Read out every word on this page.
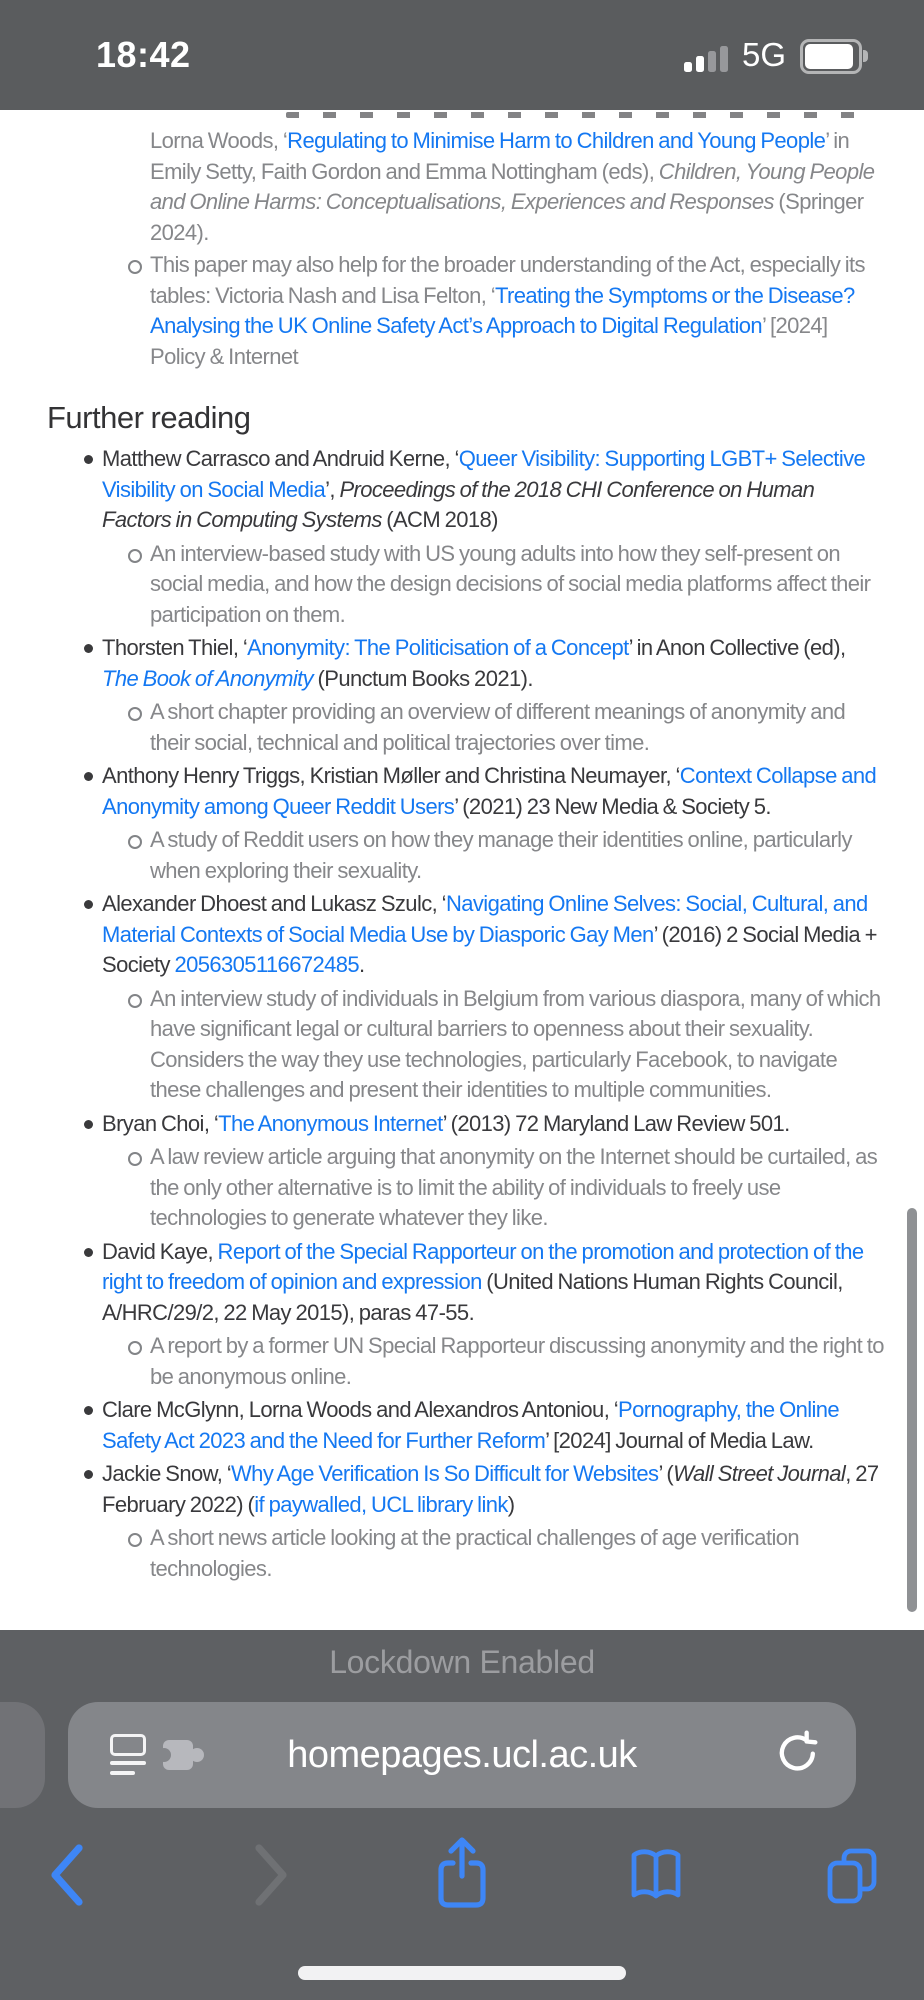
18:42	5G
Lorna Woods, ‘Regulating to Minimise Harm to Children and Young People’ in Emily Setty, Faith Gordon and Emma Nottingham (eds), Children, Young People and Online Harms: Conceptualisations, Experiences and Responses (Springer 2024).
This paper may also help for the broader understanding of the Act, especially its tables: Victoria Nash and Lisa Felton, ‘Treating the Symptoms or the Disease? Analysing the UK Online Safety Act’s Approach to Digital Regulation’ [2024] Policy & Internet
Further reading
Matthew Carrasco and Andruid Kerne, ‘Queer Visibility: Supporting LGBT+ Selective Visibility on Social Media’, Proceedings of the 2018 CHI Conference on Human Factors in Computing Systems (ACM 2018)
An interview-based study with US young adults into how they self-present on social media, and how the design decisions of social media platforms affect their participation on them.
Thorsten Thiel, ‘Anonymity: The Politicisation of a Concept’ in Anon Collective (ed), The Book of Anonymity (Punctum Books 2021).
A short chapter providing an overview of different meanings of anonymity and their social, technical and political trajectories over time.
Anthony Henry Triggs, Kristian Møller and Christina Neumayer, ‘Context Collapse and Anonymity among Queer Reddit Users’ (2021) 23 New Media & Society 5.
A study of Reddit users on how they manage their identities online, particularly when exploring their sexuality.
Alexander Dhoest and Lukasz Szulc, ‘Navigating Online Selves: Social, Cultural, and Material Contexts of Social Media Use by Diasporic Gay Men’ (2016) 2 Social Media + Society 2056305116672485.
An interview study of individuals in Belgium from various diaspora, many of which have significant legal or cultural barriers to openness about their sexuality. Considers the way they use technologies, particularly Facebook, to navigate these challenges and present their identities to multiple communities.
Bryan Choi, ‘The Anonymous Internet’ (2013) 72 Maryland Law Review 501.
A law review article arguing that anonymity on the Internet should be curtailed, as the only other alternative is to limit the ability of individuals to freely use technologies to generate whatever they like.
David Kaye, Report of the Special Rapporteur on the promotion and protection of the right to freedom of opinion and expression (United Nations Human Rights Council, A/HRC/29/2, 22 May 2015), paras 47-55.
A report by a former UN Special Rapporteur discussing anonymity and the right to be anonymous online.
Clare McGlynn, Lorna Woods and Alexandros Antoniou, ‘Pornography, the Online Safety Act 2023 and the Need for Further Reform’ [2024] Journal of Media Law.
Jackie Snow, ‘Why Age Verification Is So Difficult for Websites’ (Wall Street Journal, 27 February 2022) (if paywalled, UCL library link)
A short news article looking at the practical challenges of age verification technologies.
Lockdown Enabled
homepages.ucl.ac.uk
